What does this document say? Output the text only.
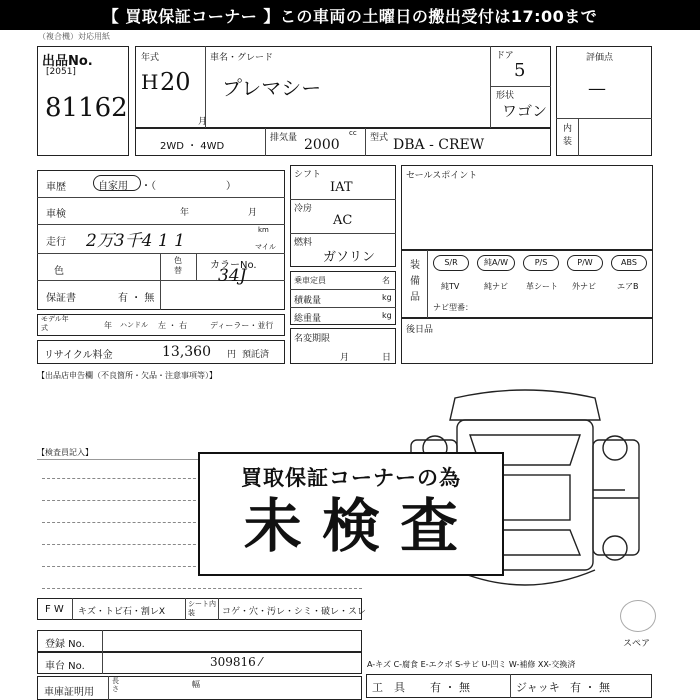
【 買取保証コーナー 】この車両の土曜日の搬出受付は17:00まで
（複合機）対応用紙
出品No.
[2051]
81162
年式
H 20
月
車名・グレード
プレマシー
ドア
5
形状
ワゴン
評価点
—
内装
2WD ・ 4WD
排気量 2000
cc 型式 DBA - CREW
車歴	自家用 ・（　　　　　　　）
車検	年	月
走行 2万3千4 1 1
km
マイル
色
色替	カラーNo.
34J
保証書	有 ・ 無
モデル年式	年 ハンドル 左 ・ 右	ディーラー・並行
リサイクル料金	13,360 円 預託済
シフト
IAT
冷房
AC
燃料
ガソリン
乗車定員	名
積載量	kg
総重量	kg
名変期限
月	日
セールスポイント
装備品
S/R	純A/W	P/S	P/W	ABS
純TV	純ナビ 革シート 外ナビ	エアB
ナビ型番：
後日品
【出品店申告欄（不良箇所・欠品・注意事項等）】
【検査員記入】
買取保証コーナーの為
未 検 査
F W キズ・トビ石・割レX
シート内装	コゲ・穴・汚レ・シミ・破レ・スレ
登録 No.
車台 No.	309816 ⁄
車庫証明用
長さ	幅
スペア
A-キズ C-腐食 E-エクボ S-サビ U-凹ミ W-補修 XX-交換済
工　具 有 ・ 無	ジャッキ 有 ・ 無
